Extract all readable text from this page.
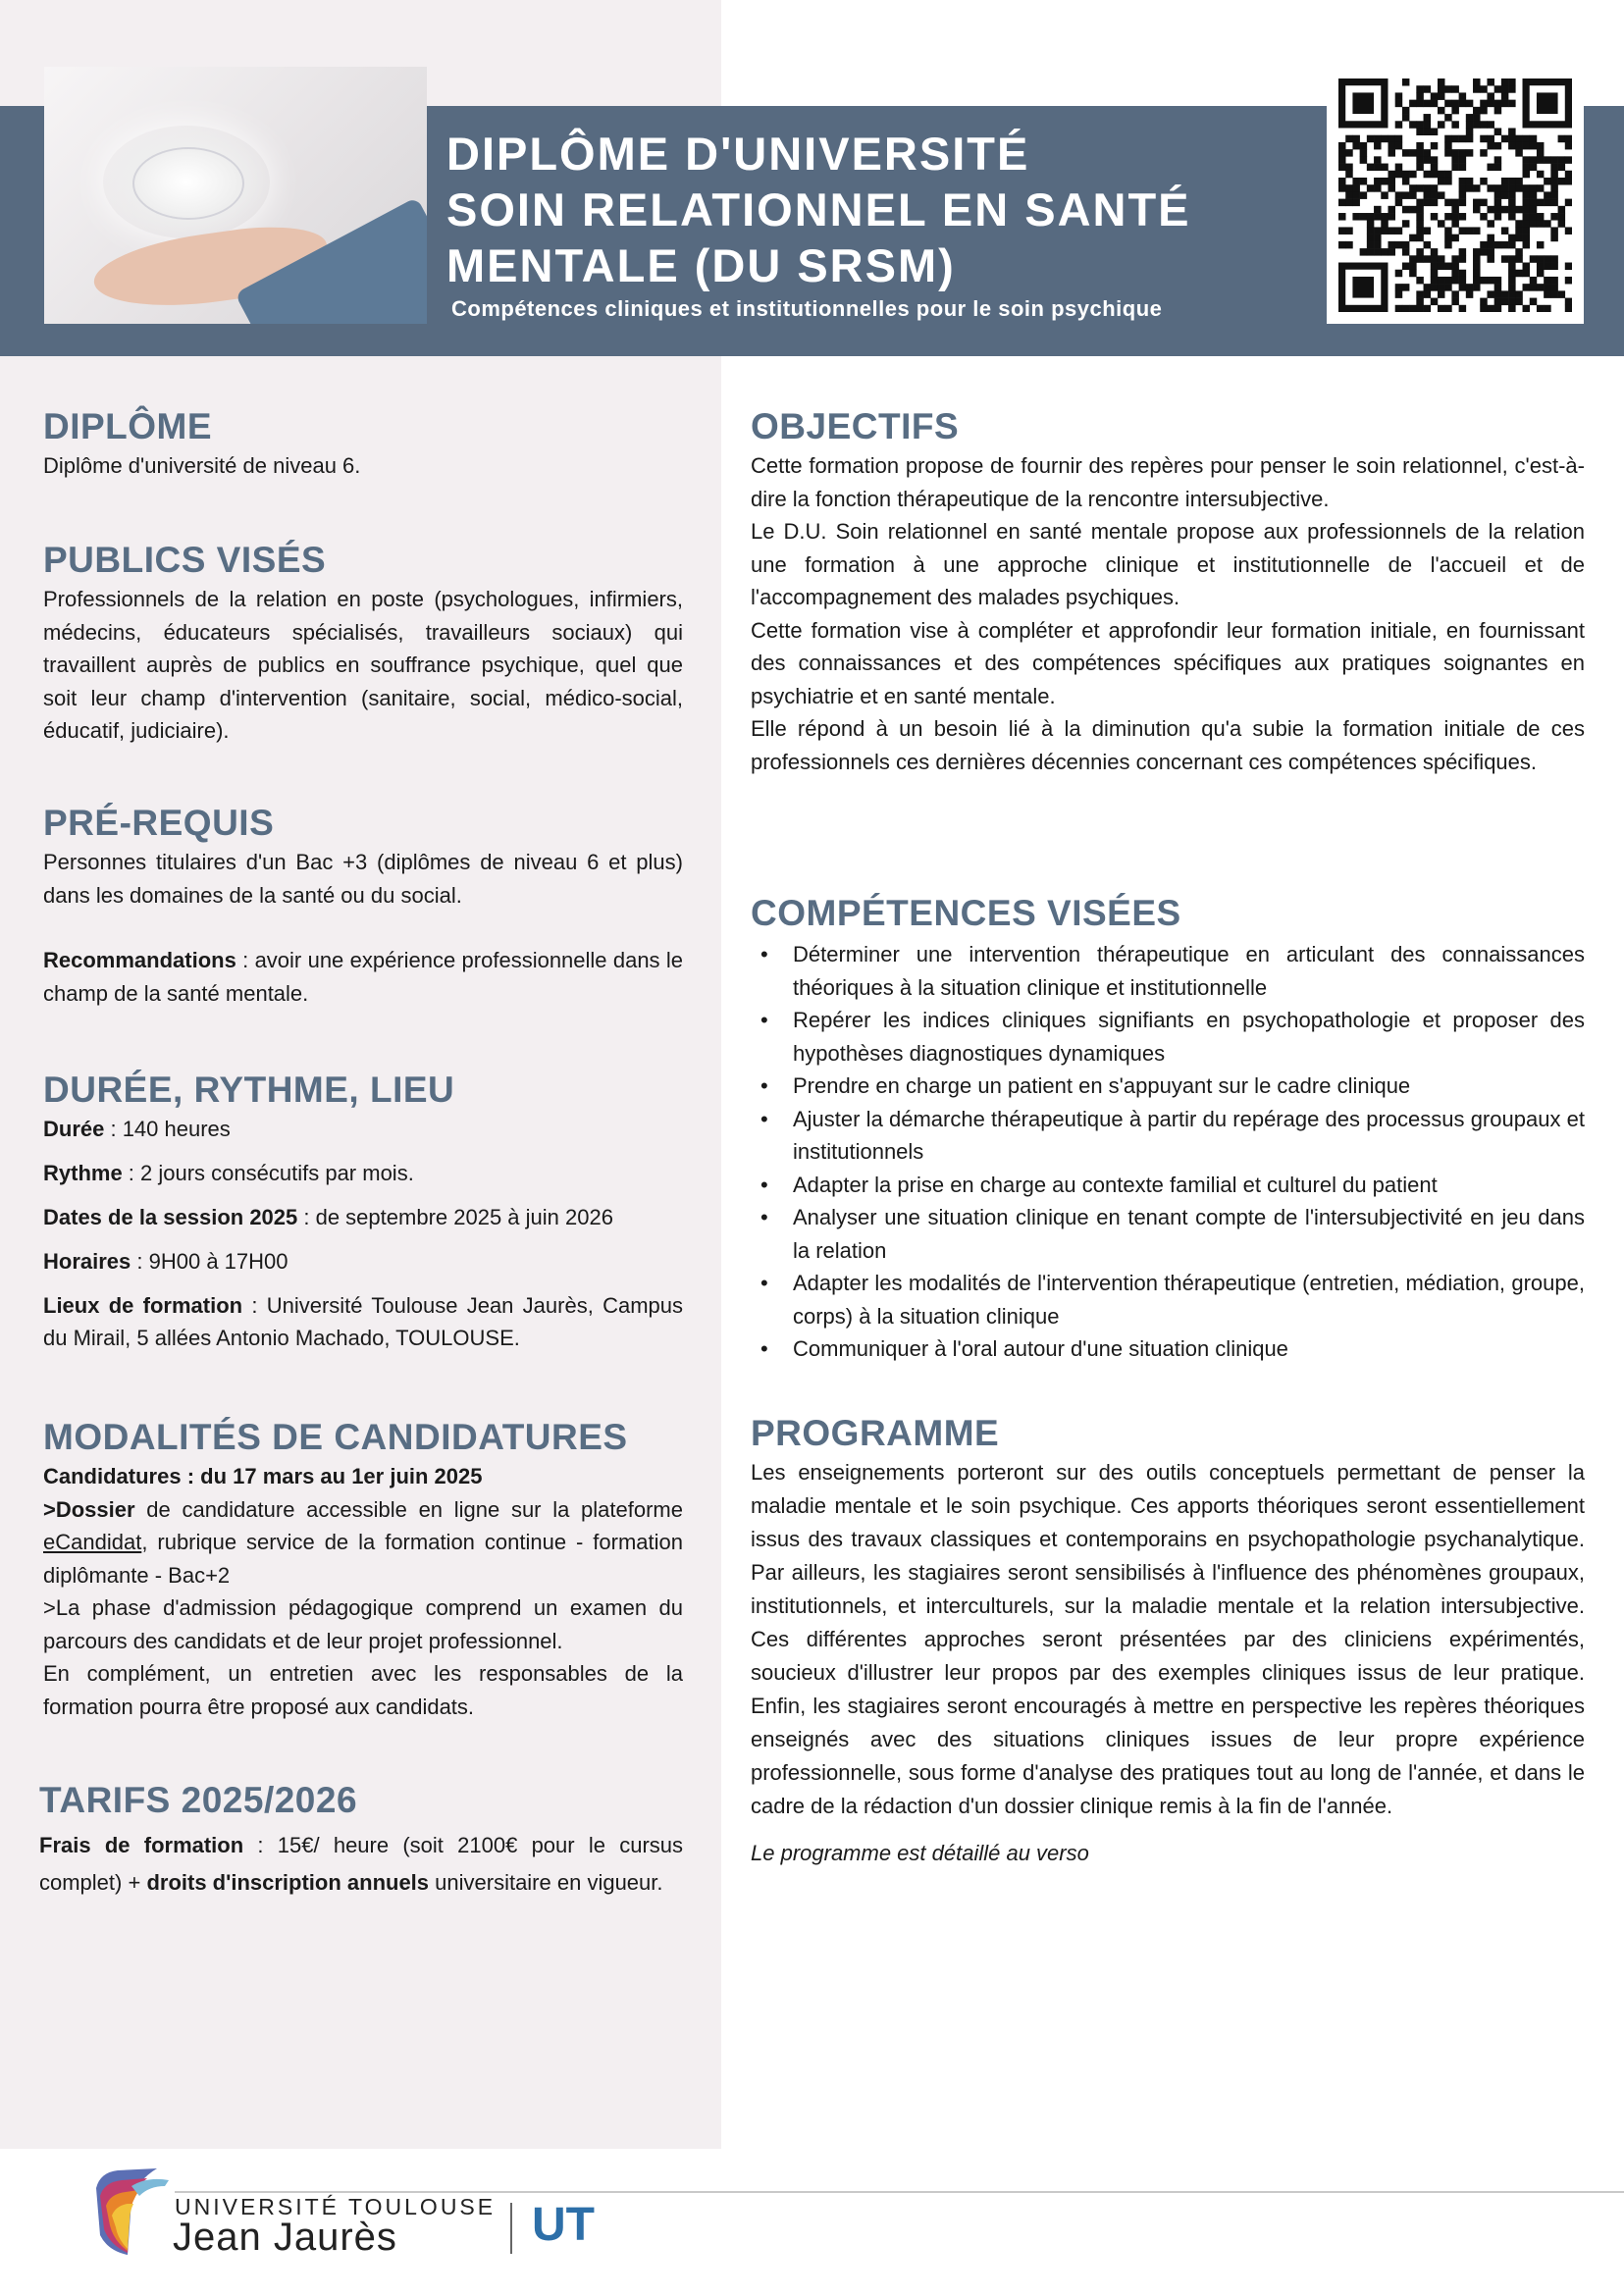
DIPLÔME D'UNIVERSITÉ
SOIN RELATIONNEL EN SANTÉ
MENTALE (DU SRSM)
Compétences cliniques et institutionnelles pour le soin psychique
DIPLÔME

Diplôme d'université de niveau 6.

PUBLICS VISÉS

Professionnels de la relation en poste (psychologues, infirmiers, médecins, éducateurs spécialisés, travailleurs sociaux) qui travaillent auprès de publics en souffrance psychique, quel que soit leur champ d'intervention (sanitaire, social, médico-social, éducatif, judiciaire).

PRÉ-REQUIS

Personnes titulaires d'un Bac +3 (diplômes de niveau 6 et plus) dans les domaines de la santé ou du social.

Recommandations : avoir une expérience professionnelle dans le champ de la santé mentale.

DURÉE, RYTHME, LIEU

Durée : 140 heures

Rythme : 2 jours consécutifs par mois.

Dates de la session 2025 : de septembre 2025 à juin 2026

Horaires : 9H00 à 17H00

Lieux de formation : Université Toulouse Jean Jaurès, Campus du Mirail, 5 allées Antonio Machado, TOULOUSE.

MODALITÉS DE CANDIDATURES

Candidatures : du 17 mars au 1er juin 2025

>Dossier de candidature accessible en ligne sur la plateforme eCandidat, rubrique service de la formation continue - formation diplômante - Bac+2

>La phase d'admission pédagogique comprend un examen du parcours des candidats et de leur projet professionnel.

En complément, un entretien avec les responsables de la formation pourra être proposé aux candidats.

TARIFS 2025/2026

Frais de formation : 15€/ heure (soit 2100€ pour le cursus complet) + droits d'inscription annuels universitaire en vigueur.

OBJECTIFS

Cette formation propose de fournir des repères pour penser le soin relationnel, c'est-à-dire la fonction thérapeutique de la rencontre intersubjective.

Le D.U. Soin relationnel en santé mentale propose aux professionnels de la relation une formation à une approche clinique et institutionnelle de l'accueil et de l'accompagnement des malades psychiques.

Cette formation vise à compléter et approfondir leur formation initiale, en fournissant des connaissances et des compétences spécifiques aux pratiques soignantes en psychiatrie et en santé mentale.

Elle répond à un besoin lié à la diminution qu'a subie la formation initiale de ces professionnels ces dernières décennies concernant ces compétences spécifiques.

COMPÉTENCES VISÉES
• Déterminer une intervention thérapeutique en articulant des connaissances théoriques à la situation clinique et institutionnelle
• Repérer les indices cliniques signifiants en psychopathologie et proposer des hypothèses diagnostiques dynamiques
• Prendre en charge un patient en s'appuyant sur le cadre clinique
• Ajuster la démarche thérapeutique à partir du repérage des processus groupaux et institutionnels
• Adapter la prise en charge au contexte familial et culturel du patient
• Analyser une situation clinique en tenant compte de l'intersubjectivité en jeu dans la relation
• Adapter les modalités de l'intervention thérapeutique (entretien, médiation, groupe, corps) à la situation clinique
• Communiquer à l'oral autour d'une situation clinique
PROGRAMME

Les enseignements porteront sur des outils conceptuels permettant de penser la maladie mentale et le soin psychique. Ces apports théoriques seront essentiellement issus des travaux classiques et contemporains en psychopathologie psychanalytique. Par ailleurs, les stagiaires seront sensibilisés à l'influence des phénomènes groupaux, institutionnels, et interculturels, sur la maladie mentale et la relation intersubjective. Ces différentes approches seront présentées par des cliniciens expérimentés, soucieux d'illustrer leur propos par des exemples cliniques issus de leur pratique. Enfin, les stagiaires seront encouragés à mettre en perspective les repères théoriques enseignés avec des situations cliniques issues de leur propre expérience professionnelle, sous forme d'analyse des pratiques tout au long de l'année, et dans le cadre de la rédaction d'un dossier clinique remis à la fin de l'année.

Le programme est détaillé au verso

UNIVERSITÉ TOULOUSE
Jean Jaurès	UT
